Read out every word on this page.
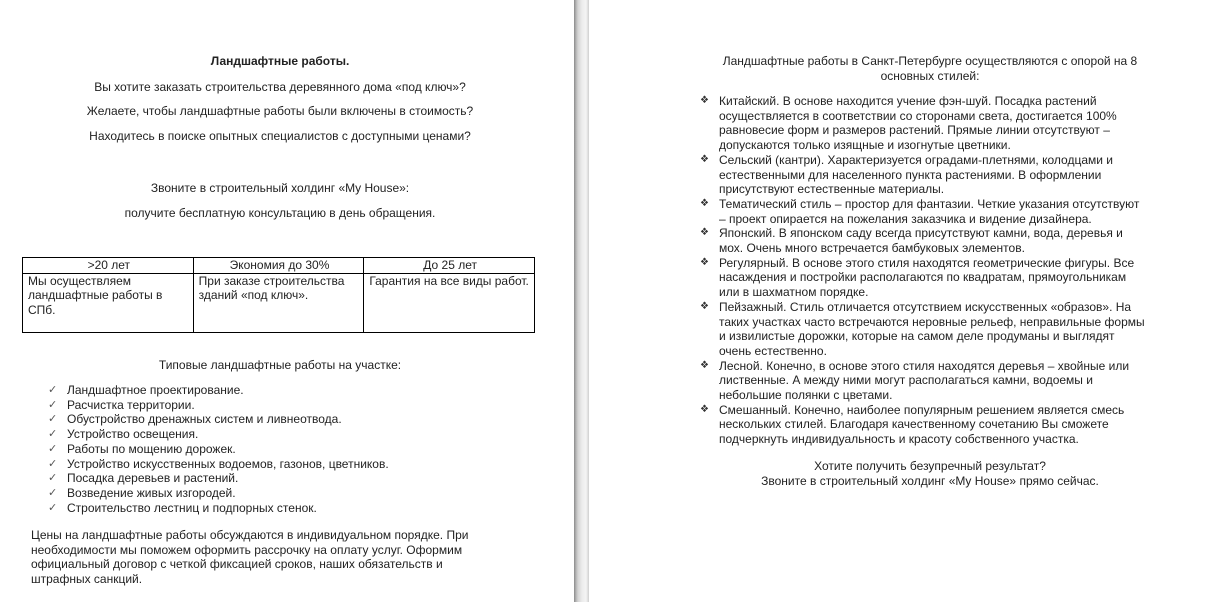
Ландшафтные работы.
Вы хотите заказать строительства деревянного дома «под ключ»?
Желаете, чтобы ландшафтные работы были включены в стоимость?
Находитесь в поиске опытных специалистов с доступными ценами?
Звоните в строительный холдинг «My House»:
получите бесплатную консультацию в день обращения.
>20 лет	Экономия до 30%	До 25 лет
Мы осуществляем ландшафтные работы в СПб.	При заказе строительства зданий «под ключ».	Гарантия на все виды работ.
Типовые ландшафтные работы на участке:
✓ Ландшафтное проектирование.
✓ Расчистка территории.
✓ Обустройство дренажных систем и ливнеотвода.
✓ Устройство освещения.
✓ Работы по мощению дорожек.
✓ Устройство искусственных водоемов, газонов, цветников.
✓ Посадка деревьев и растений.
✓ Возведение живых изгородей.
✓ Строительство лестниц и подпорных стенок.
Цены на ландшафтные работы обсуждаются в индивидуальном порядке. При
необходимости мы поможем оформить рассрочку на оплату услуг. Оформим
официальный договор с четкой фиксацией сроков, наших обязательств и
штрафных санкций.
Ландшафтные работы в Санкт-Петербурге осуществляются с опорой на 8
основных стилей:
❖ Китайский. В основе находится учение фэн-шуй. Посадка растений
осуществляется в соответствии со сторонами света, достигается 100%
равновесие форм и размеров растений. Прямые линии отсутствуют –
допускаются только изящные и изогнутые цветники.
❖ Сельский (кантри). Характеризуется оградами-плетнями, колодцами и
естественными для населенного пункта растениями. В оформлении
присутствуют естественные материалы.
❖ Тематический стиль – простор для фантазии. Четкие указания отсутствуют
– проект опирается на пожелания заказчика и видение дизайнера.
❖ Японский. В японском саду всегда присутствуют камни, вода, деревья и
мох. Очень много встречается бамбуковых элементов.
❖ Регулярный. В основе этого стиля находятся геометрические фигуры. Все
насаждения и постройки располагаются по квадратам, прямоугольникам
или в шахматном порядке.
❖ Пейзажный. Стиль отличается отсутствием искусственных «образов». На
таких участках часто встречаются неровные рельеф, неправильные формы
и извилистые дорожки, которые на самом деле продуманы и выглядят
очень естественно.
❖ Лесной. Конечно, в основе этого стиля находятся деревья – хвойные или
лиственные. А между ними могут располагаться камни, водоемы и
небольшие полянки с цветами.
❖ Смешанный. Конечно, наиболее популярным решением является смесь
нескольких стилей. Благодаря качественному сочетанию Вы сможете
подчеркнуть индивидуальность и красоту собственного участка.
Хотите получить безупречный результат?
Звоните в строительный холдинг «My House» прямо сейчас.
